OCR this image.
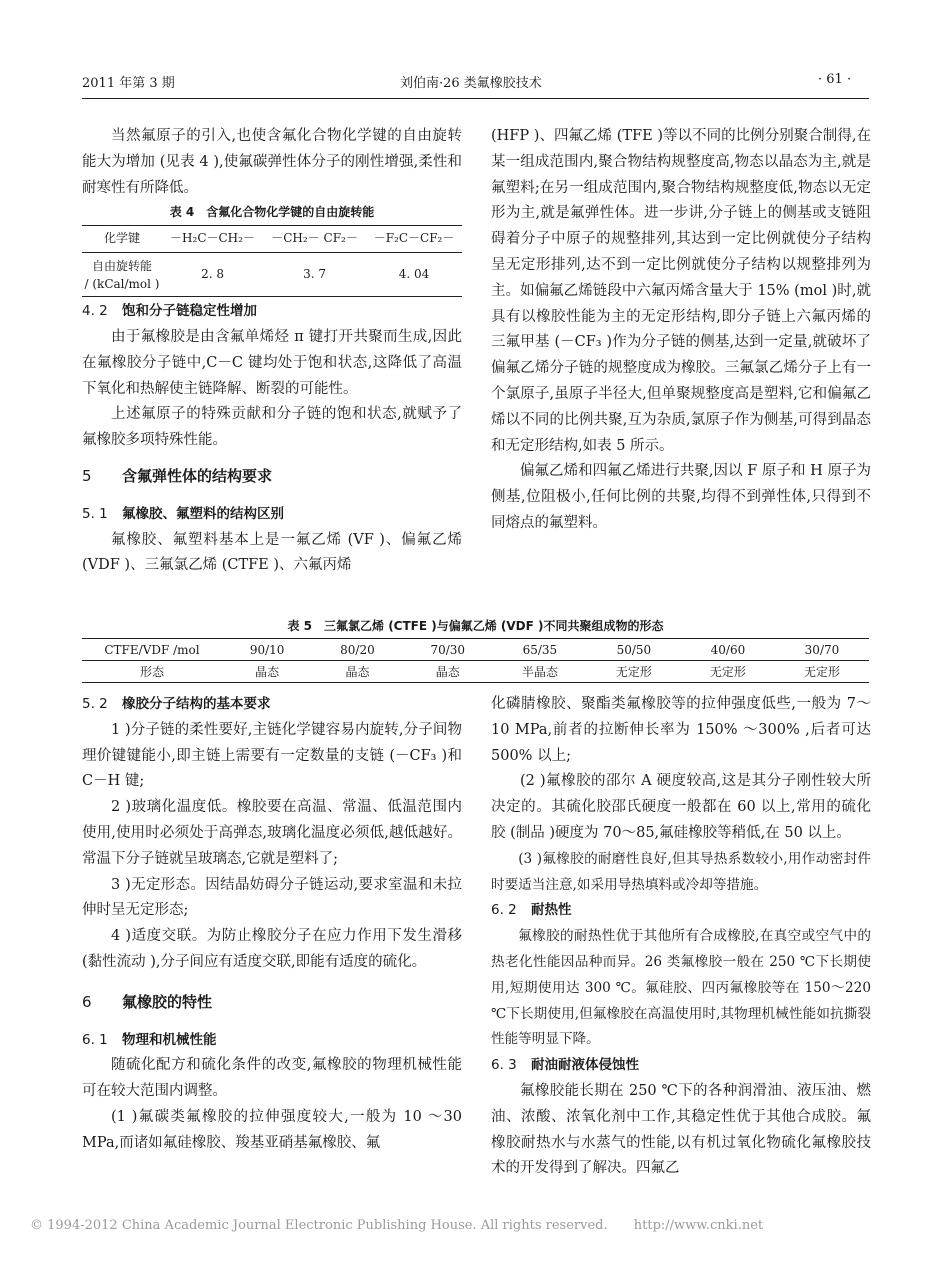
2011 年第 3 期	刘伯南·26 类氟橡胶技术	· 61 ·

当然氟原子的引入,也使含氟化合物化学键的自由旋转能大为增加 (见表 4 ),使氟碳弹性体分子的刚性增强,柔性和耐寒性有所降低。

表 4　含氟化合物化学键的自由旋转能
化学键	－H₂C－CH₂－	－CH₂－ CF₂－	－F₂C－CF₂－

自由旋转能
/ (kCal/mol )	2. 8	3. 7	4. 04

4. 2 饱和分子链稳定性增加

由于氟橡胶是由含氟单烯烃 π 键打开共聚而生成,因此在氟橡胶分子链中,C－C 键均处于饱和状态,这降低了高温下氧化和热解使主链降解、断裂的可能性。

上述氟原子的特殊贡献和分子链的饱和状态,就赋予了氟橡胶多项特殊性能。

5 含氟弹性体的结构要求

5. 1 氟橡胶、氟塑料的结构区别

氟橡胶、氟塑料基本上是一氟乙烯 (VF )、偏氟乙烯 (VDF )、三氟氯乙烯 (CTFE )、六氟丙烯

(HFP )、四氟乙烯 (TFE )等以不同的比例分别聚合制得,在某一组成范围内,聚合物结构规整度高,物态以晶态为主,就是氟塑料;在另一组成范围内,聚合物结构规整度低,物态以无定形为主,就是氟弹性体。进一步讲,分子链上的侧基或支链阻碍着分子中原子的规整排列,其达到一定比例就使分子结构呈无定形排列,达不到一定比例就使分子结构以规整排列为主。如偏氟乙烯链段中六氟丙烯含量大于 15% (mol )时,就具有以橡胶性能为主的无定形结构,即分子链上六氟丙烯的三氟甲基 (－CF₃ )作为分子链的侧基,达到一定量,就破坏了偏氟乙烯分子链的规整度成为橡胶。三氟氯乙烯分子上有一个氯原子,虽原子半径大,但单聚规整度高是塑料,它和偏氟乙烯以不同的比例共聚,互为杂质,氯原子作为侧基,可得到晶态和无定形结构,如表 5 所示。

偏氟乙烯和四氟乙烯进行共聚,因以 F 原子和 H 原子为侧基,位阻极小,任何比例的共聚,均得不到弹性体,只得到不同熔点的氟塑料。

表 5　三氟氯乙烯 (CTFE )与偏氟乙烯 (VDF )不同共聚组成物的形态
CTFE/VDF /mol	90/10	80/20	70/30	65/35	50/50	40/60	30/70
形态	晶态	晶态	晶态	半晶态	无定形	无定形	无定形

5. 2 橡胶分子结构的基本要求

1 )分子链的柔性要好,主链化学键容易内旋转,分子间物理价键键能小,即主链上需要有一定数量的支链 (－CF₃ )和 C－H 键;

2 )玻璃化温度低。橡胶要在高温、常温、低温范围内使用,使用时必须处于高弹态,玻璃化温度必须低,越低越好。常温下分子链就呈玻璃态,它就是塑料了;

3 )无定形态。因结晶妨碍分子链运动,要求室温和未拉伸时呈无定形态;

4 )适度交联。为防止橡胶分子在应力作用下发生滑移 (黏性流动 ),分子间应有适度交联,即能有适度的硫化。

6 氟橡胶的特性

6. 1 物理和机械性能

随硫化配方和硫化条件的改变,氟橡胶的物理机械性能可在较大范围内调整。

(1 )氟碳类氟橡胶的拉伸强度较大,一般为 10 ～30 MPa,而诸如氟硅橡胶、羧基亚硝基氟橡胶、氟

化磷腈橡胶、聚酯类氟橡胶等的拉伸强度低些,一般为 7～10 MPa,前者的拉断伸长率为 150% ～300% ,后者可达 500% 以上;

(2 )氟橡胶的邵尔 A 硬度较高,这是其分子刚性较大所决定的。其硫化胶邵氏硬度一般都在 60 以上,常用的硫化胶 (制品 )硬度为 70～85,氟硅橡胶等稍低,在 50 以上。

(3 )氟橡胶的耐磨性良好,但其导热系数较小,用作动密封件时要适当注意,如采用导热填料或冷却等措施。

6. 2 耐热性

氟橡胶的耐热性优于其他所有合成橡胶,在真空或空气中的热老化性能因品种而异。26 类氟橡胶一般在 250 ℃下长期使用,短期使用达 300 ℃。氟硅胶、四丙氟橡胶等在 150～220 ℃下长期使用,但氟橡胶在高温使用时,其物理机械性能如抗撕裂性能等明显下降。

6. 3 耐油耐液体侵蚀性

氟橡胶能长期在 250 ℃下的各种润滑油、液压油、燃油、浓酸、浓氧化剂中工作,其稳定性优于其他合成胶。氟橡胶耐热水与水蒸气的性能,以有机过氧化物硫化氟橡胶技术的开发得到了解决。四氟乙

© 1994-2012 China Academic Journal Electronic Publishing House. All rights reserved. http://www.cnki.net
